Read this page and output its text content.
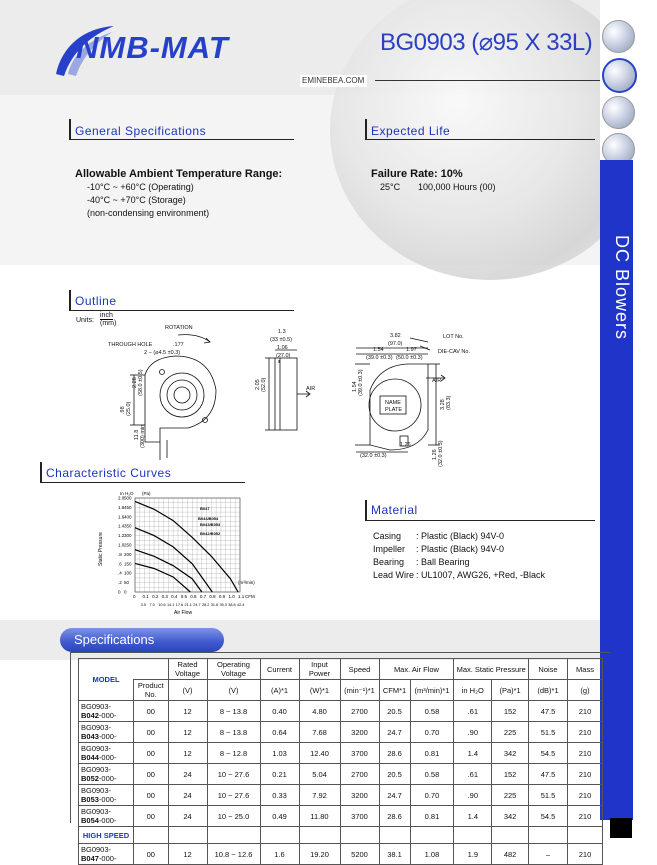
DC Blowers
NMB-MAT
EMINEBEA.COM
BG0903 (⌀95 X 33L)
General Specifications
Allowable Ambient Temperature Range:
-10°C ~ +60°C (Operating)
-40°C ~ +70°C (Storage)
(non-condensing environment)
Expected Life
Failure Rate: 10%
25°C 100,000 Hours (00)
Outline
Units:
inch
(mm)
ROTATION
THROUGH HOLE	.177
2 − (⌀4.5 ±0.3)
2.28 (58.0 ±0.5)
.98 (25.0)
11.8 (300) min
1.3
(33 ±0.5)
1.06
(27.0)
2.05 (52.0)	AIR
3.82
(97.0)
1.54	1.97
(39.0 ±0.3) (50.0 ±0.3)
LOT No.
DIE-CAV No.
AIR
1.54 (39.0 ±0.3)
NAME
PLATE	3.28 (83.3)
1.26
(32.0 ±0.3)	1.26 (32.0 ±0.3)
Characteristic Curves
In H₂O (Pa)
Static Pressure
CFM
(m³/min)
Air Flow
2.0
1.8
1.6
1.4
1.2
1.0
.8
.6
.4
.2
0
500
450
400
350
300
250
200
150
100
50
0
0 0.1 0.2 0.3 0.4 0.5 0.6 0.7 0.8 0.9 1.0 1.1
3.5 7.0 10.6 14.1 17.6 21.1 24.7 28.2 31.8 35.3 38.8 42.4
B047
B044/B054
B043/B053
B042/B052
Material
Casing : Plastic (Black) 94V-0
Impeller : Plastic (Black) 94V-0
Bearing : Ball Bearing
Lead Wire : UL1007, AWG26, +Red, -Black
Specifications
MODEL		Rated Voltage	Operating Voltage	Current	Input Power	Speed	Max. Air Flow		Max. Static Pressure		Noise	Mass
	Product No.	(V)	(V)	(A)*1	(W)*1	(min⁻¹)*1	CFM*1	(m³/min)*1	in H₂O	(Pa)*1	(dB)*1	(g)
BG0903-B042-000-	00	12	8 ~ 13.8	0.40	4.80	2700	20.5	0.58	.61	152	47.5	210
BG0903-B043-000-	00	12	8 ~ 13.8	0.64	7.68	3200	24.7	0.70	.90	225	51.5	210
BG0903-B044-000-	00	12	8 ~ 12.8	1.03	12.40	3700	28.6	0.81	1.4	342	54.5	210
BG0903-B052-000-	00	24	10 ~ 27.6	0.21	5.04	2700	20.5	0.58	.61	152	47.5	210
BG0903-B053-000-	00	24	10 ~ 27.6	0.33	7.92	3200	24.7	0.70	.90	225	51.5	210
BG0903-B054-000-	00	24	10 ~ 25.0	0.49	11.80	3700	28.6	0.81	1.4	342	54.5	210
HIGH SPEED												
BG0903-B047-000-	00	12	10.8 ~ 12.6	1.6	19.20	5200	38.1	1.08	1.9	482	–	210
